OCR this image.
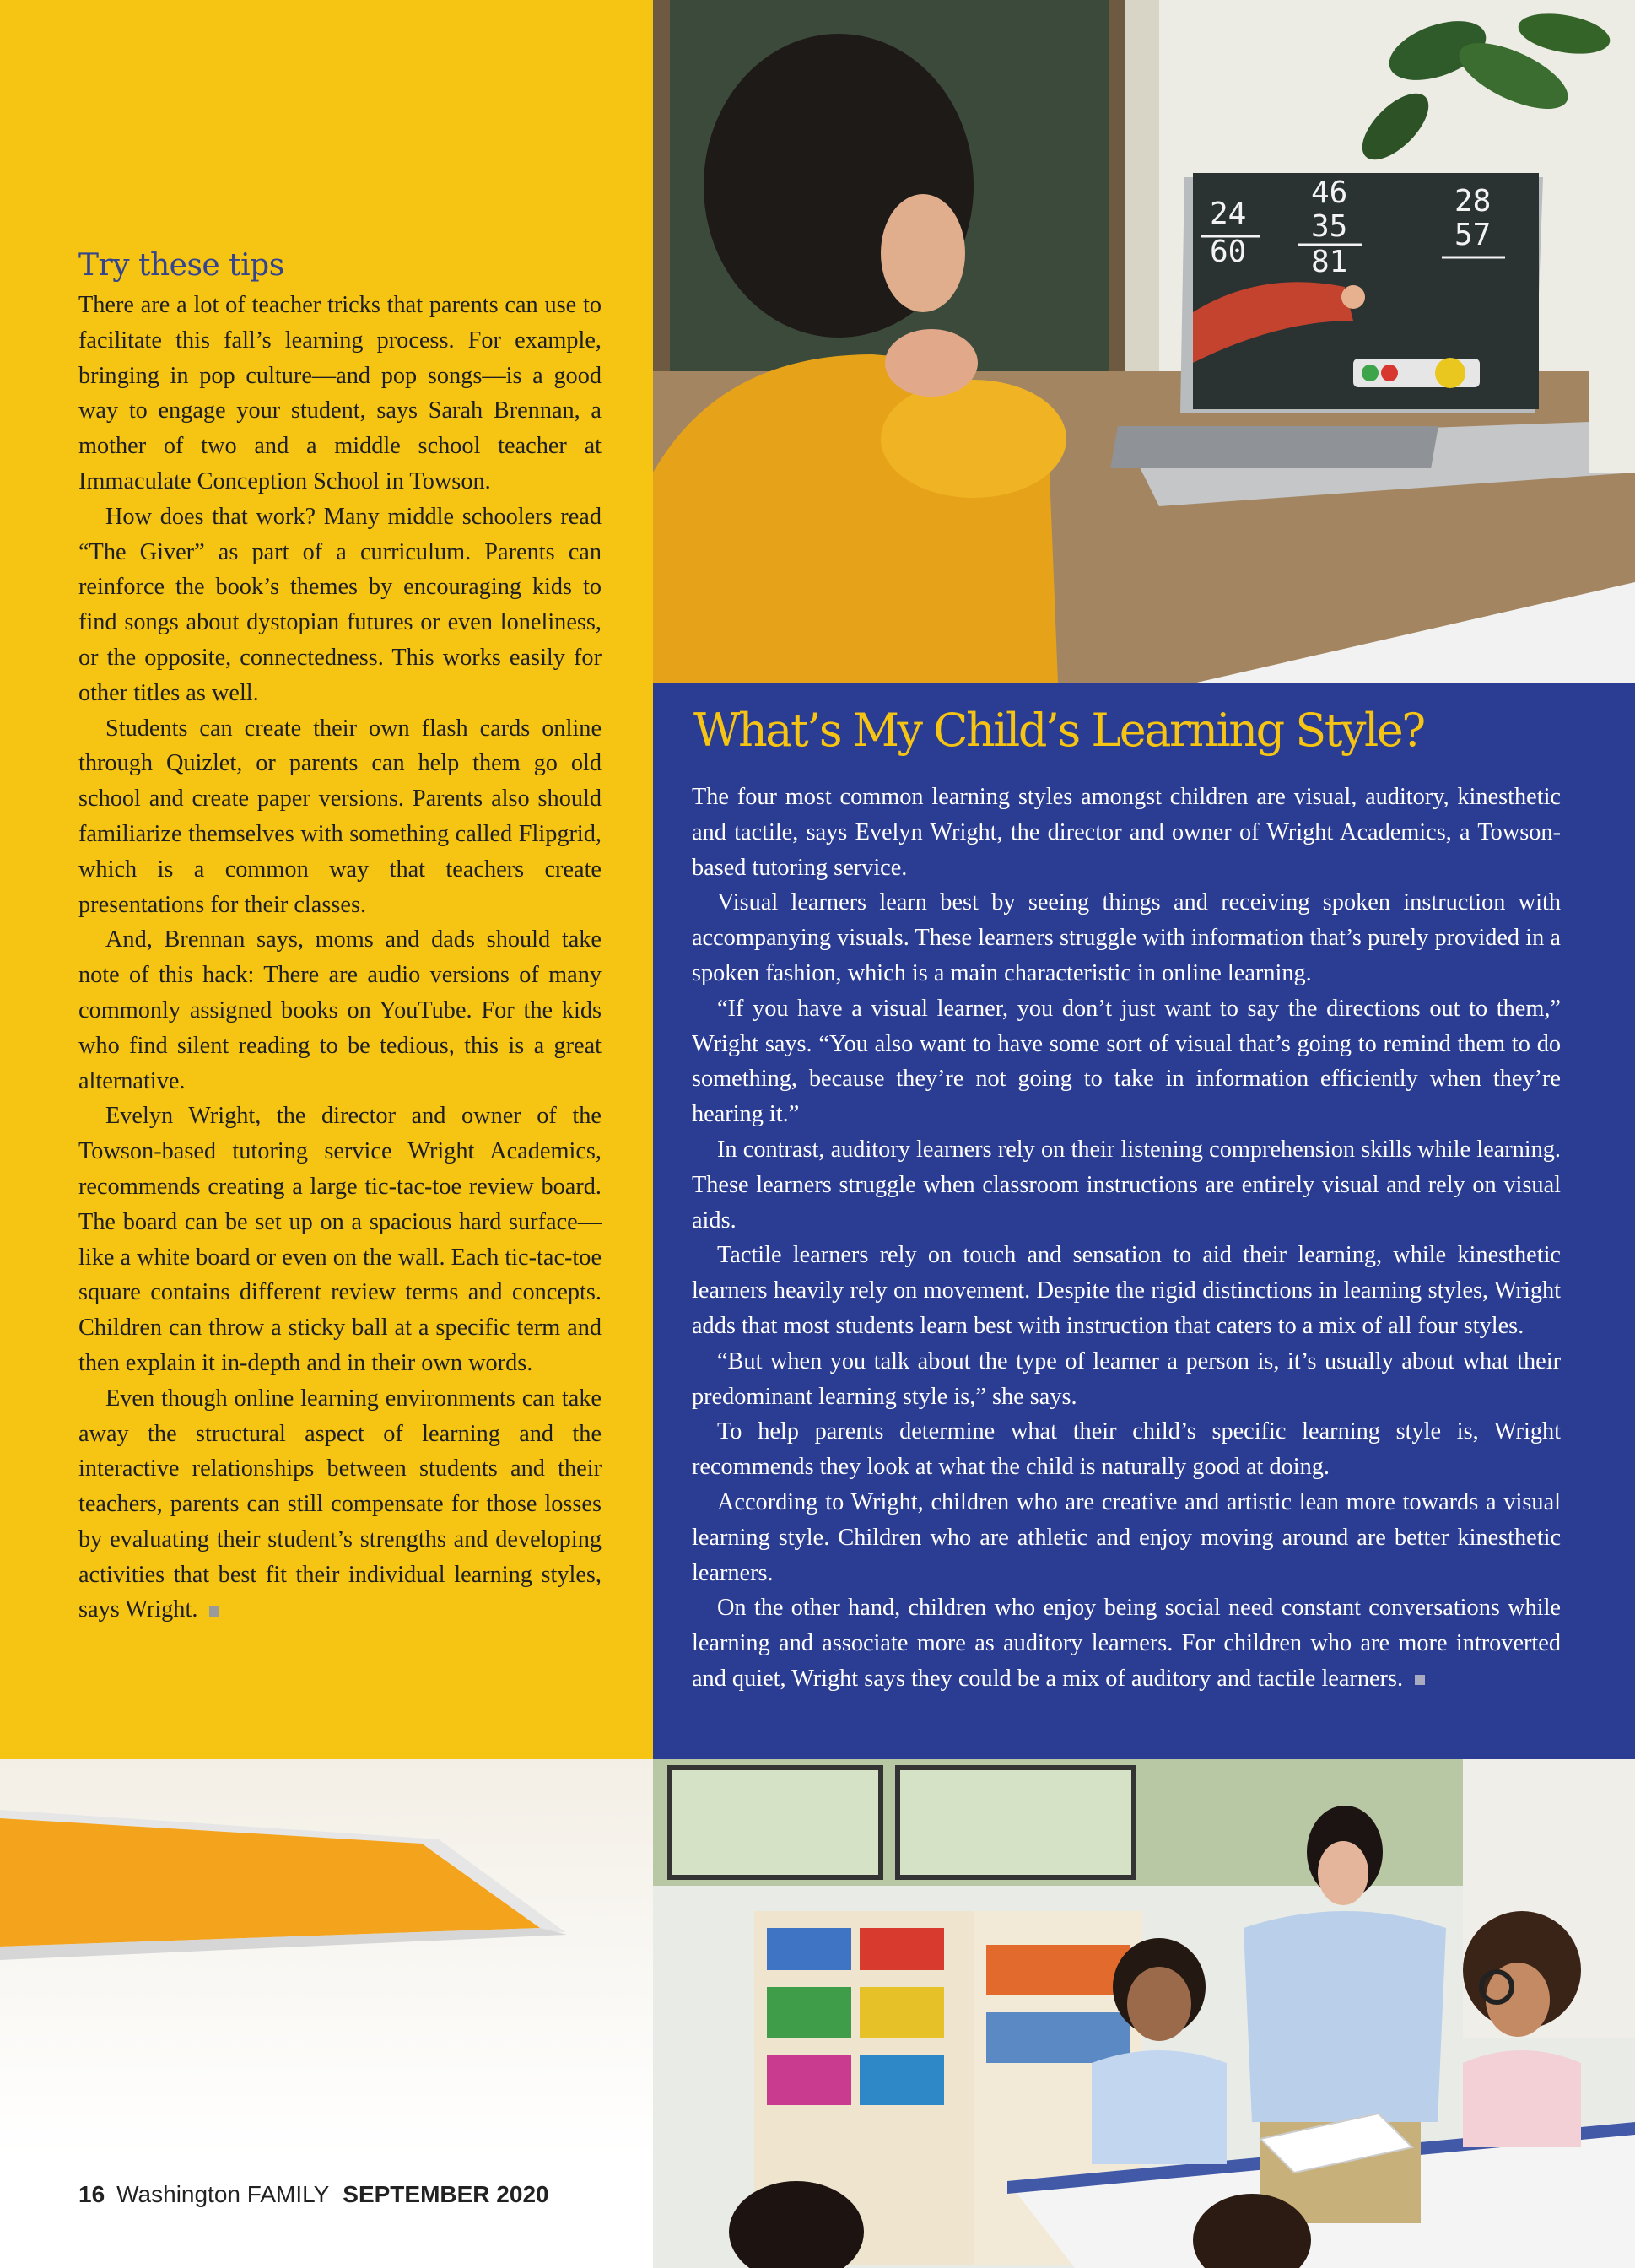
Try these tips

There are a lot of teacher tricks that parents can use to facilitate this fall’s learning process. For example, bringing in pop culture—and pop songs—is a good way to engage your student, says Sarah Brennan, a mother of two and a middle school teacher at Immaculate Conception School in Towson.

How does that work? Many middle schoolers read “The Giver” as part of a curriculum. Parents can reinforce the book’s themes by encouraging kids to find songs about dystopian futures or even loneliness, or the opposite, connectedness. This works easily for other titles as well.

Students can create their own flash cards online through Quizlet, or parents can help them go old school and create paper versions. Parents also should familiarize themselves with something called Flipgrid, which is a common way that teachers create presentations for their classes.

And, Brennan says, moms and dads should take note of this hack: There are audio versions of many commonly assigned books on YouTube. For the kids who find silent reading to be tedious, this is a great alternative.

Evelyn Wright, the director and owner of the Towson-based tutoring service Wright Academics, recommends creating a large tic-tac-toe review board. The board can be set up on a spacious hard surface—like a white board or even on the wall. Each tic-tac-toe square contains different review terms and concepts. Children can throw a sticky ball at a specific term and then explain it in-depth and in their own words.

Even though online learning environments can take away the structural aspect of learning and the interactive relationships between students and their teachers, parents can still compensate for those losses by evaluating their student’s strengths and developing activities that best fit their individual learning styles, says Wright.

24
60
46
35
81
28
57
What’s My Child’s Learning Style?

The four most common learning styles amongst children are visual, auditory, kinesthetic and tactile, says Evelyn Wright, the director and owner of Wright Academics, a Towson-based tutoring service.

Visual learners learn best by seeing things and receiving spoken instruction with accompanying visuals. These learners struggle with information that’s purely provided in a spoken fashion, which is a main characteristic in online learning.

“If you have a visual learner, you don’t just want to say the directions out to them,” Wright says. “You also want to have some sort of visual that’s going to remind them to do something, because they’re not going to take in information efficiently when they’re hearing it.”

In contrast, auditory learners rely on their listening comprehension skills while learning. These learners struggle when classroom instructions are entirely visual and rely on visual aids.

Tactile learners rely on touch and sensation to aid their learning, while kinesthetic learners heavily rely on movement. Despite the rigid distinctions in learning styles, Wright adds that most students learn best with instruction that caters to a mix of all four styles.

“But when you talk about the type of learner a person is, it’s usually about what their predominant learning style is,” she says.

To help parents determine what their child’s specific learning style is, Wright recommends they look at what the child is naturally good at doing.

According to Wright, children who are creative and artistic lean more towards a visual learning style. Children who are athletic and enjoy moving around are better kinesthetic learners.

On the other hand, children who enjoy being social need constant conversations while learning and associate more as auditory learners. For children who are more introverted and quiet, Wright says they could be a mix of auditory and tactile learners.

16 Washington FAMILY SEPTEMBER 2020
